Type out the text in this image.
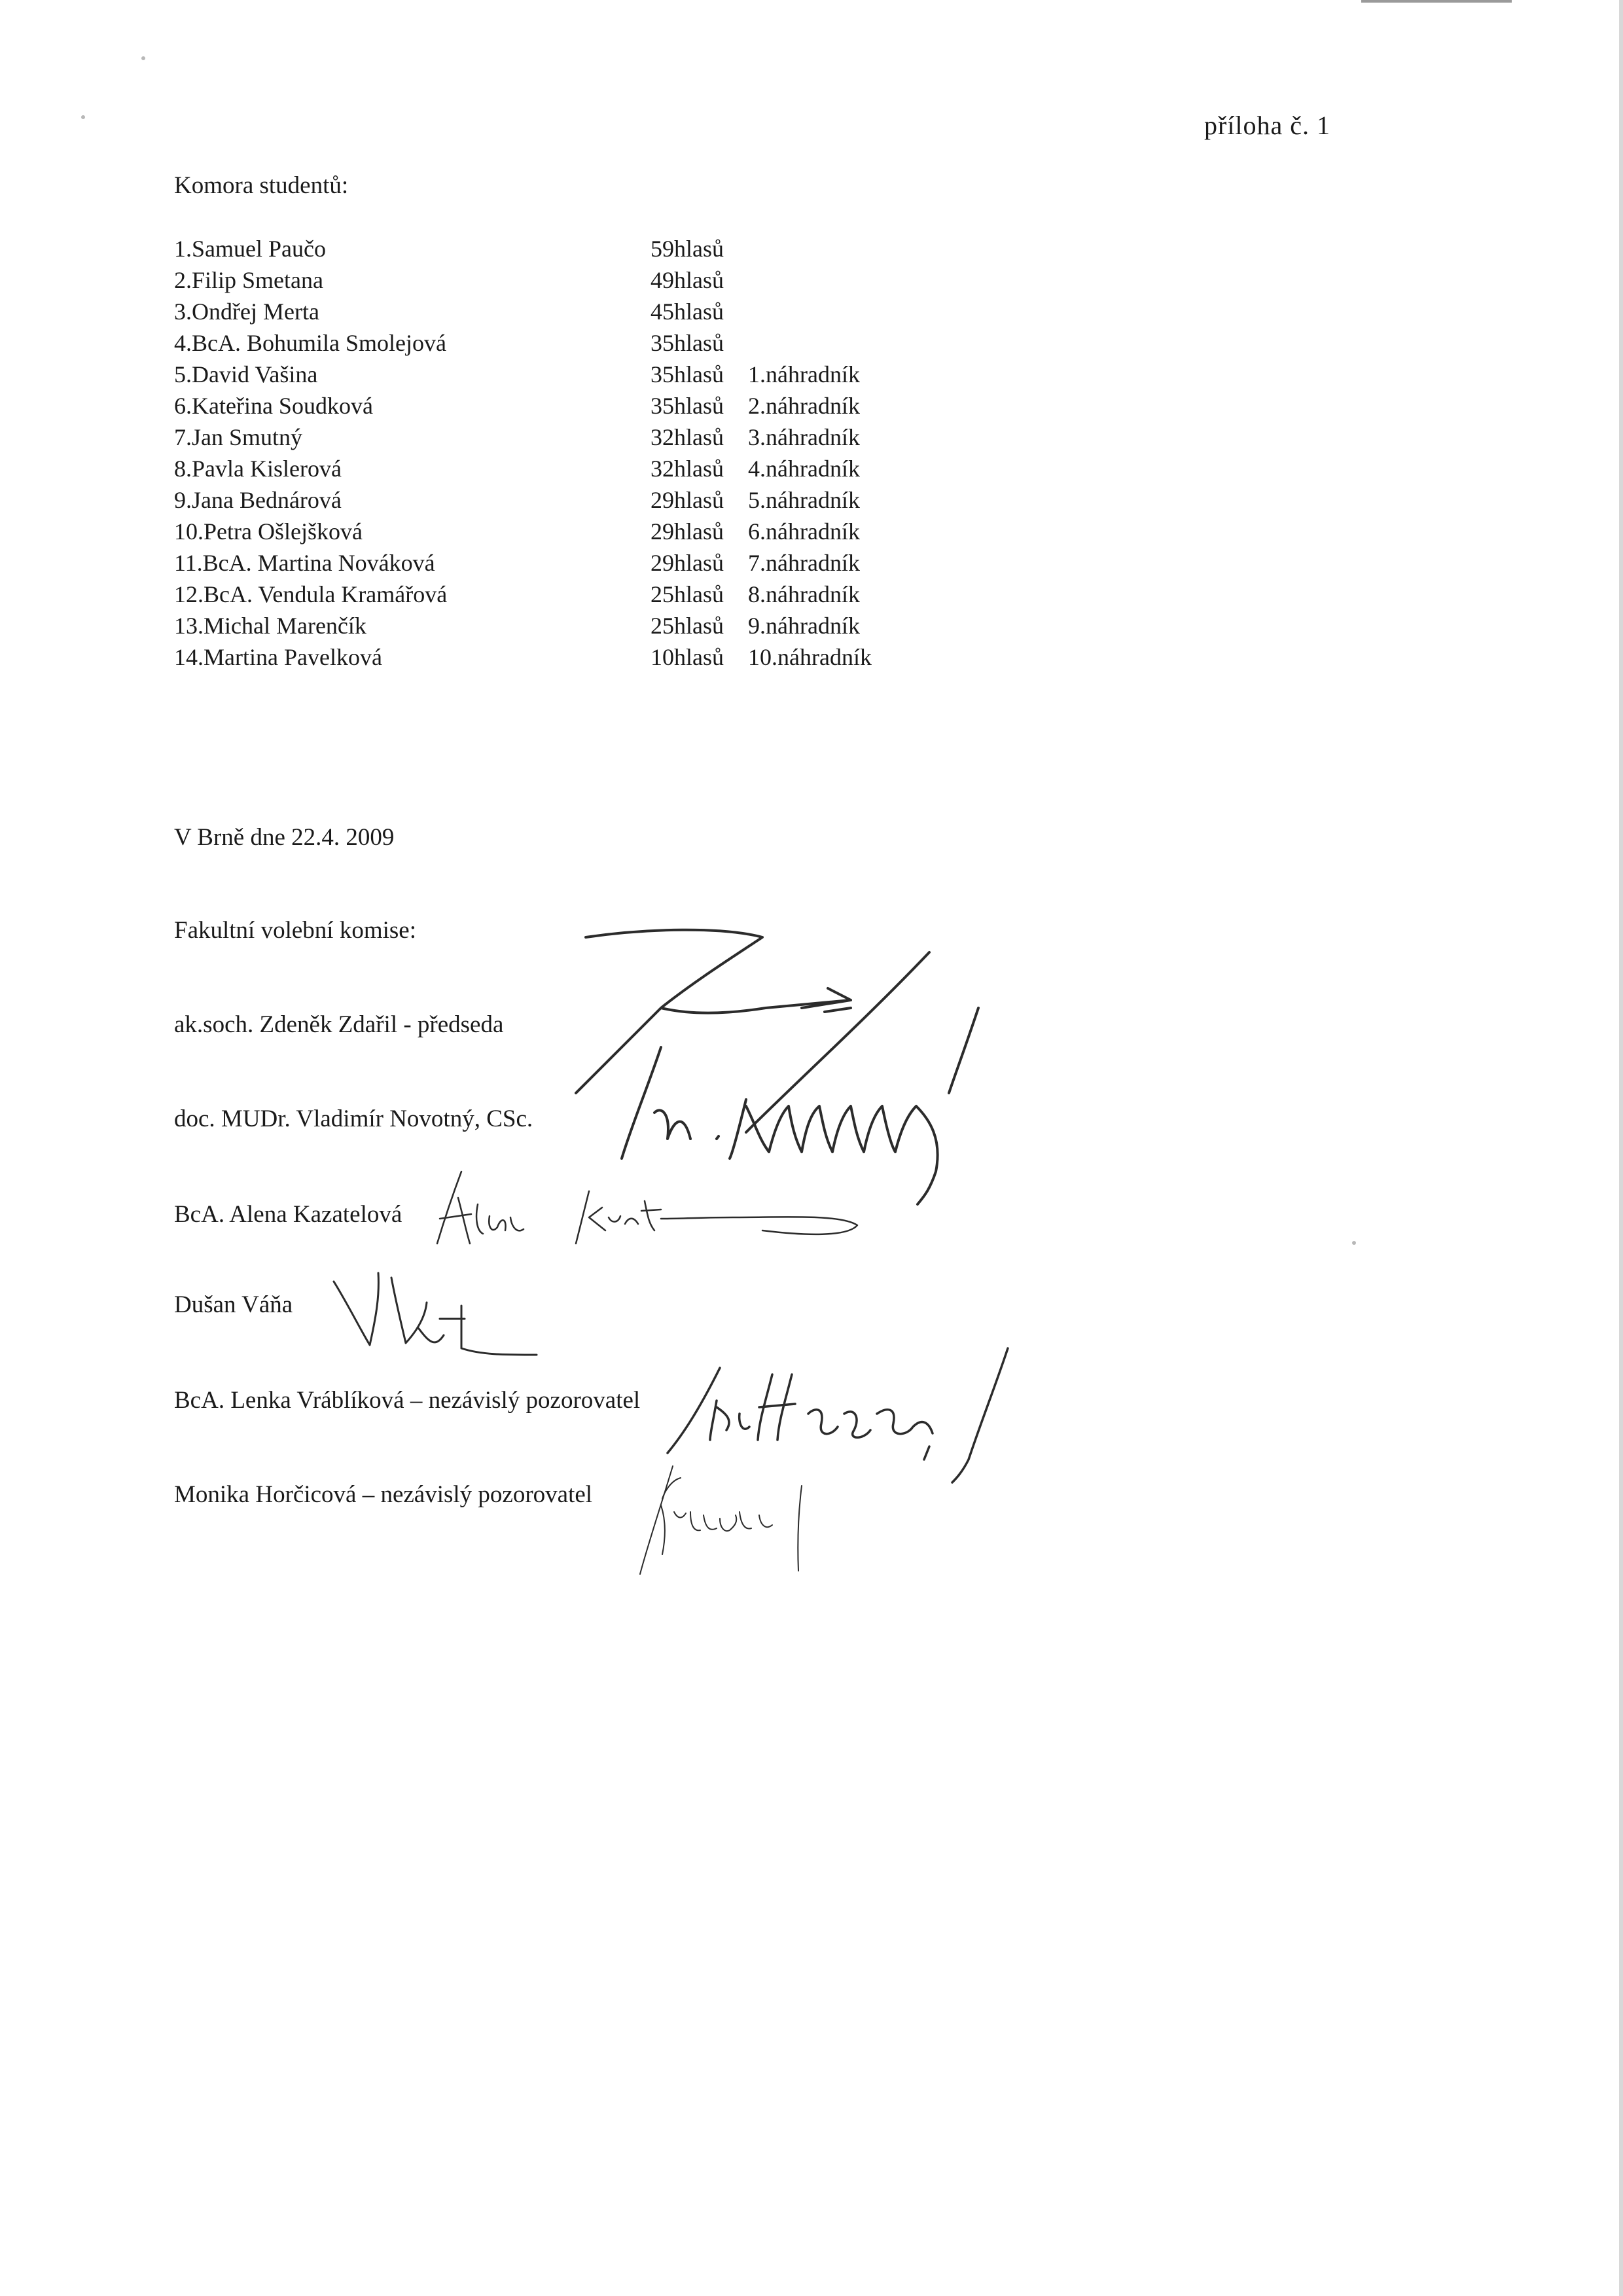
příloha č. 1
Komora studentů:
1.Samuel Paučo	59hlasů
2.Filip Smetana	49hlasů
3.Ondřej Merta	45hlasů
4.BcA. Bohumila Smolejová	35hlasů
5.David Vašina	35hlasů 1.náhradník
6.Kateřina Soudková	35hlasů 2.náhradník
7.Jan Smutný	32hlasů 3.náhradník
8.Pavla Kislerová	32hlasů 4.náhradník
9.Jana Bednárová	29hlasů 5.náhradník
10.Petra Ošlejšková	29hlasů 6.náhradník
11.BcA. Martina Nováková	29hlasů 7.náhradník
12.BcA. Vendula Kramářová	25hlasů 8.náhradník
13.Michal Marenčík	25hlasů 9.náhradník
14.Martina Pavelková	10hlasů 10.náhradník
V Brně dne 22.4. 2009
Fakultní volební komise:
ak.soch. Zdeněk Zdařil - předseda
doc. MUDr. Vladimír Novotný, CSc.
BcA. Alena Kazatelová
Dušan Váňa
BcA. Lenka Vráblíková – nezávislý pozorovatel
Monika Horčicová – nezávislý pozorovatel
